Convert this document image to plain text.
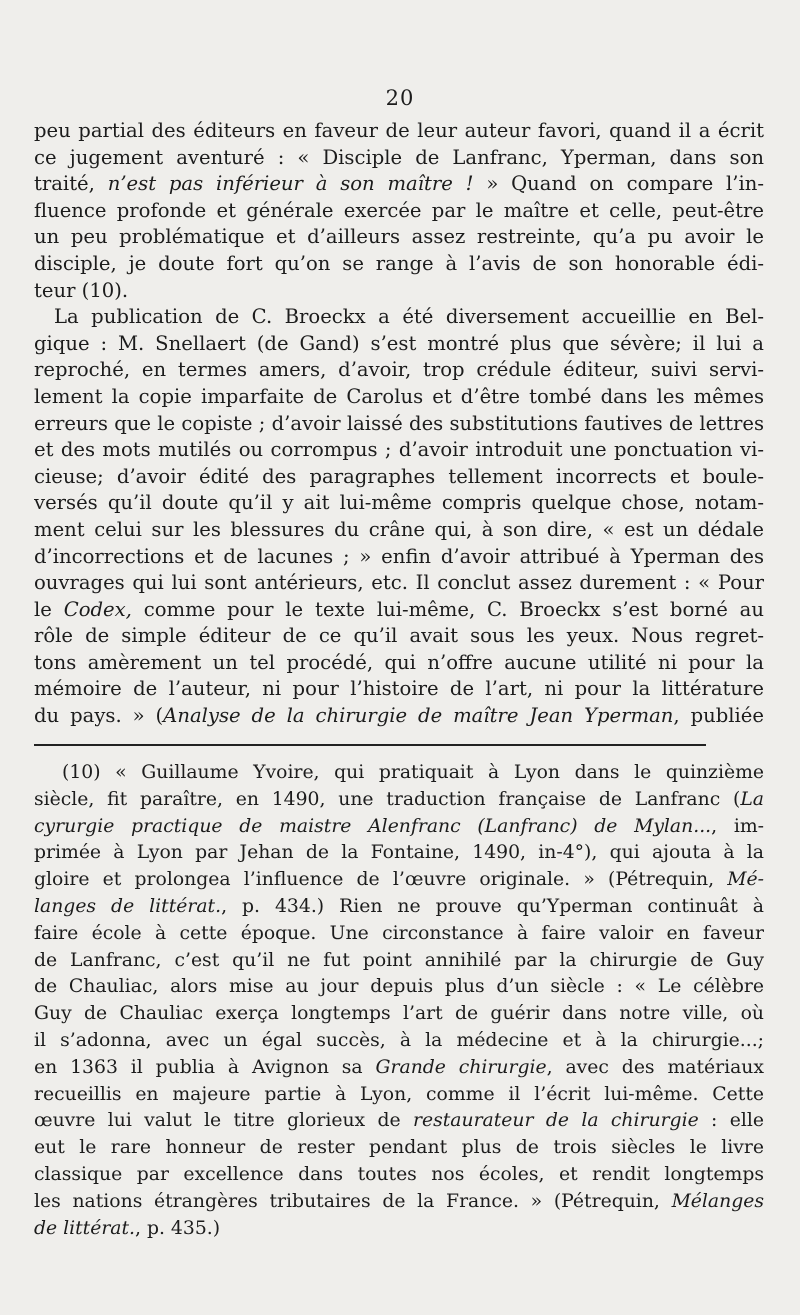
20
peu partial des éditeurs en faveur de leur auteur favori, quand il a écrit
ce jugement aventuré : « Disciple de Lanfranc, Yperman, dans son
traité, n’est pas inférieur à son maître ! » Quand on compare l’in-
fluence profonde et générale exercée par le maître et celle, peut-être
un peu problématique et d’ailleurs assez restreinte, qu’a pu avoir le
disciple, je doute fort qu’on se range à l’avis de son honorable édi-
teur (10).
La publication de C. Broeckx a été diversement accueillie en Bel-
gique : M. Snellaert (de Gand) s’est montré plus que sévère; il lui a
reproché, en termes amers, d’avoir, trop crédule éditeur, suivi servi-
lement la copie imparfaite de Carolus et d’être tombé dans les mêmes
erreurs que le copiste ; d’avoir laissé des substitutions fautives de lettres
et des mots mutilés ou corrompus ; d’avoir introduit une ponctuation vi-
cieuse; d’avoir édité des paragraphes tellement incorrects et boule-
versés qu’il doute qu’il y ait lui-même compris quelque chose, notam-
ment celui sur les blessures du crâne qui, à son dire, « est un dédale
d’incorrections et de lacunes ; » enfin d’avoir attribué à Yperman des
ouvrages qui lui sont antérieurs, etc. Il conclut assez durement : « Pour
le Codex, comme pour le texte lui-même, C. Broeckx s’est borné au
rôle de simple éditeur de ce qu’il avait sous les yeux. Nous regret-
tons amèrement un tel procédé, qui n’offre aucune utilité ni pour la
mémoire de l’auteur, ni pour l’histoire de l’art, ni pour la littérature
du pays. » (Analyse de la chirurgie de maître Jean Yperman, publiée
(10) « Guillaume Yvoire, qui pratiquait à Lyon dans le quinzième
siècle, fit paraître, en 1490, une traduction française de Lanfranc (La
cyrurgie practique de maistre Alenfranc (Lanfranc) de Mylan..., im-
primée à Lyon par Jehan de la Fontaine, 1490, in-4°), qui ajouta à la
gloire et prolongea l’influence de l’œuvre originale. » (Pétrequin, Mé-
langes de littérat., p. 434.) Rien ne prouve qu’Yperman continuât à
faire école à cette époque. Une circonstance à faire valoir en faveur
de Lanfranc, c’est qu’il ne fut point annihilé par la chirurgie de Guy
de Chauliac, alors mise au jour depuis plus d’un siècle : « Le célèbre
Guy de Chauliac exerça longtemps l’art de guérir dans notre ville, où
il s’adonna, avec un égal succès, à la médecine et à la chirurgie...;
en 1363 il publia à Avignon sa Grande chirurgie, avec des matériaux
recueillis en majeure partie à Lyon, comme il l’écrit lui-même. Cette
œuvre lui valut le titre glorieux de restaurateur de la chirurgie : elle
eut le rare honneur de rester pendant plus de trois siècles le livre
classique par excellence dans toutes nos écoles, et rendit longtemps
les nations étrangères tributaires de la France. » (Pétrequin, Mélanges
de littérat., p. 435.)
